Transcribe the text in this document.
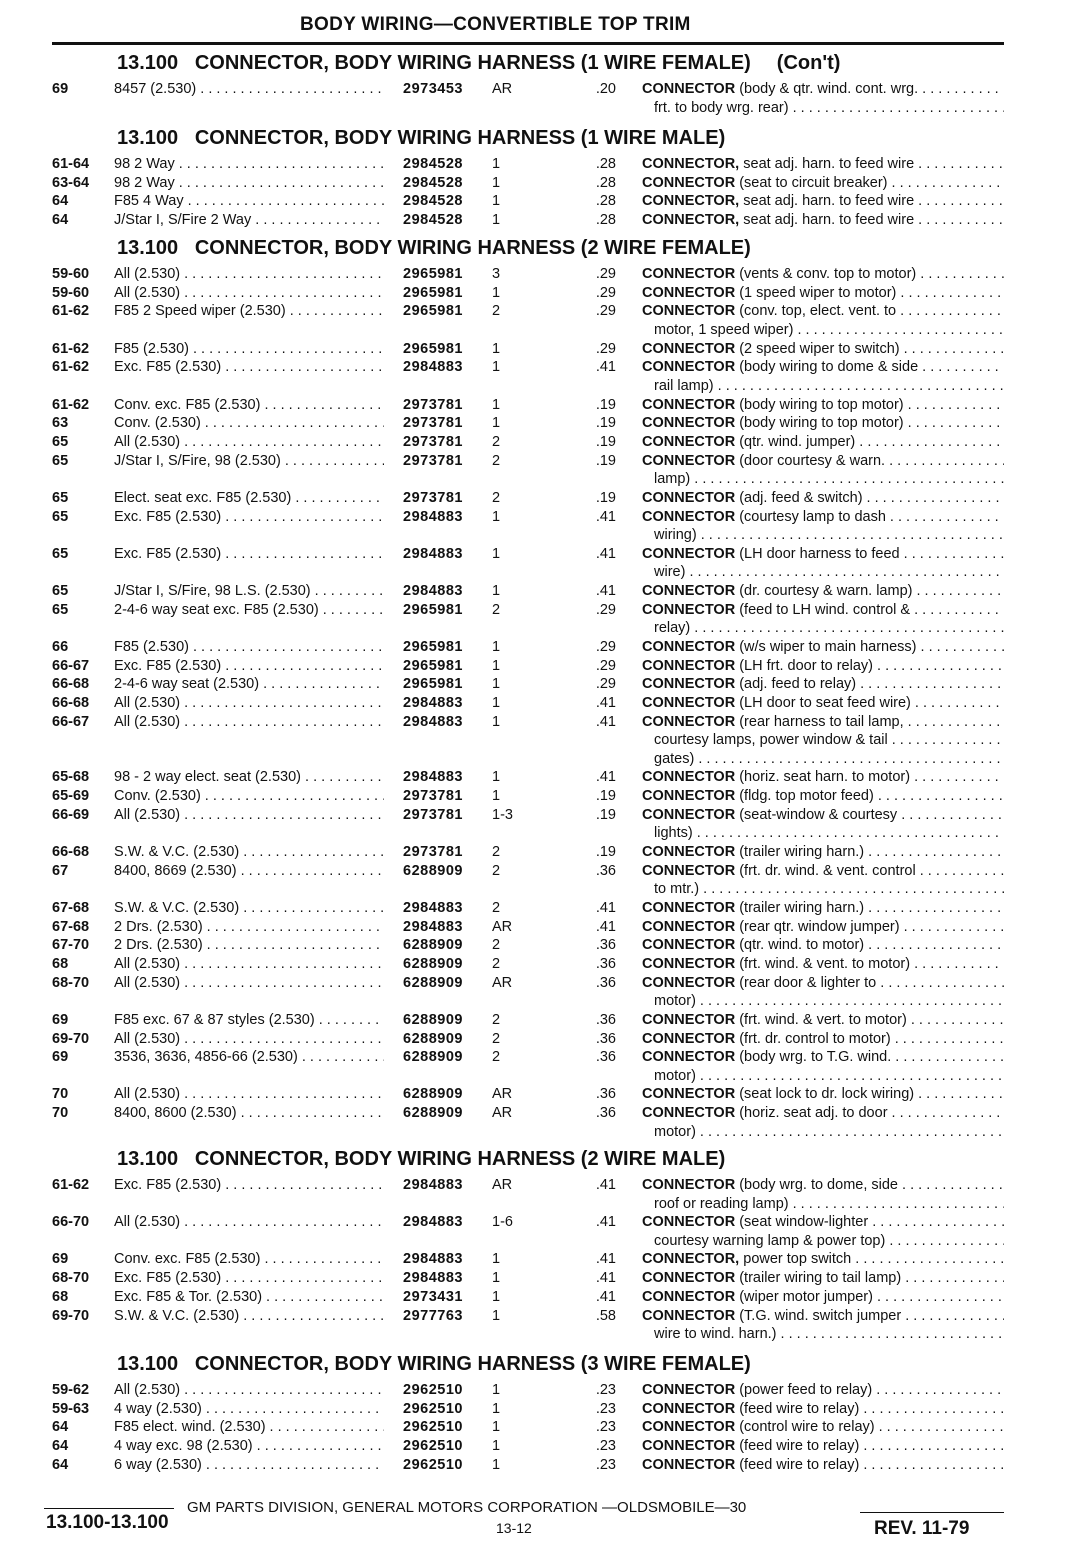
BODY WIRING—CONVERTIBLE TOP TRIM
13.100   CONNECTOR, BODY WIRING HARNESS (1 WIRE FEMALE) (Con't)
69	8457 (2.530) . . .	2973453 AR	.20 CONNECTOR (body & qtr. wind. cont. wrg. . . .
frt. to body wrg. rear) . . .
13.100   CONNECTOR, BODY WIRING HARNESS (1 WIRE MALE)
61-64 98 2 Way . . .	2984528 1	.28 CONNECTOR, seat adj. harn. to feed wire . . .
63-64 98 2 Way . . .	2984528 1	.28 CONNECTOR (seat to circuit breaker) . . .
64	F85 4 Way . . .	2984528 1	.28 CONNECTOR, seat adj. harn. to feed wire . . .
64	J/Star I, S/Fire 2 Way . . .	2984528 1	.28 CONNECTOR, seat adj. harn. to feed wire . . .
13.100   CONNECTOR, BODY WIRING HARNESS (2 WIRE FEMALE)
59-60 All (2.530) . . .	2965981 3	.29 CONNECTOR (vents & conv. top to motor) . . .
59-60 All (2.530) . . .	2965981 1	.29 CONNECTOR (1 speed wiper to motor) . . .
61-62 F85 2 Speed wiper (2.530) . . .	2965981 2	.29 CONNECTOR (conv. top, elect. vent. to . . .
motor, 1 speed wiper) . . .
61-62 F85 (2.530) . . .	2965981 1	.29 CONNECTOR (2 speed wiper to switch) . . .
61-62 Exc. F85 (2.530) . . .	2984883 1	.41 CONNECTOR (body wiring to dome & side . . .
rail lamp) . . .
61-62 Conv. exc. F85 (2.530) . . .	2973781 1	.19 CONNECTOR (body wiring to top motor) . . .
63	Conv. (2.530) . . .	2973781 1	.19 CONNECTOR (body wiring to top motor) . . .
65	All (2.530) . . .	2973781 2	.19 CONNECTOR (qtr. wind. jumper) . . .
65	J/Star I, S/Fire, 98 (2.530) . . .	2973781 2	.19 CONNECTOR (door courtesy & warn. . . .
lamp) . . .
65	Elect. seat exc. F85 (2.530) . . .	2973781 2	.19 CONNECTOR (adj. feed & switch) . . .
65	Exc. F85 (2.530) . . .	2984883 1	.41 CONNECTOR (courtesy lamp to dash . . .
wiring) . . .
65	Exc. F85 (2.530) . . .	2984883 1	.41 CONNECTOR (LH door harness to feed . . .
wire) . . .
65	J/Star I, S/Fire, 98 L.S. (2.530) . . .	2984883 1	.41 CONNECTOR (dr. courtesy & warn. lamp) . . .
65	2-4-6 way seat exc. F85 (2.530) . . .	2965981 2	.29 CONNECTOR (feed to LH wind. control & . . .
relay) . . .
66	F85 (2.530) . . .	2965981 1	.29 CONNECTOR (w/s wiper to main harness) . . .
66-67 Exc. F85 (2.530) . . .	2965981 1	.29 CONNECTOR (LH frt. door to relay) . . .
66-68 2-4-6 way seat (2.530) . . .	2965981 1	.29 CONNECTOR (adj. feed to relay) . . .
66-68 All (2.530) . . .	2984883 1	.41 CONNECTOR (LH door to seat feed wire) . . .
66-67 All (2.530) . . .	2984883 1	.41 CONNECTOR (rear harness to tail lamp, . . .
courtesy lamps, power window & tail . . .
gates) . . .
65-68 98 - 2 way elect. seat (2.530) . . .	2984883 1	.41 CONNECTOR (horiz. seat harn. to motor) . . .
65-69 Conv. (2.530) . . .	2973781 1	.19 CONNECTOR (fldg. top motor feed) . . .
66-69 All (2.530) . . .	2973781 1-3	.19 CONNECTOR (seat-window & courtesy . . .
lights) . . .
66-68 S.W. & V.C. (2.530) . . .	2973781 2	.19 CONNECTOR (trailer wiring harn.) . . .
67	8400, 8669 (2.530) . . .	6288909 2	.36 CONNECTOR (frt. dr. wind. & vent. control . . .
to mtr.) . . .
67-68 S.W. & V.C. (2.530) . . .	2984883 2	.41 CONNECTOR (trailer wiring harn.) . . .
67-68 2 Drs. (2.530) . . .	2984883 AR	.41 CONNECTOR (rear qtr. window jumper) . . .
67-70 2 Drs. (2.530) . . .	6288909 2	.36 CONNECTOR (qtr. wind. to motor) . . .
68	All (2.530) . . .	6288909 2	.36 CONNECTOR (frt. wind. & vent. to motor) . . .
68-70 All (2.530) . . .	6288909 AR	.36 CONNECTOR (rear door & lighter to . . .
motor) . . .
69	F85 exc. 67 & 87 styles (2.530) . . .	6288909 2	.36 CONNECTOR (frt. wind. & vert. to motor) . . .
69-70 All (2.530) . . .	6288909 2	.36 CONNECTOR (frt. dr. control to motor) . . .
69	3536, 3636, 4856-66 (2.530) . . .	6288909 2	.36 CONNECTOR (body wrg. to T.G. wind. . . .
motor) . . .
70	All (2.530) . . .	6288909 AR	.36 CONNECTOR (seat lock to dr. lock wiring) . . .
70	8400, 8600 (2.530) . . .	6288909 AR	.36 CONNECTOR (horiz. seat adj. to door . . .
motor) . . .
13.100   CONNECTOR, BODY WIRING HARNESS (2 WIRE MALE)
61-62 Exc. F85 (2.530) . . .	2984883 AR	.41 CONNECTOR (body wrg. to dome, side . . .
roof or reading lamp) . . .
66-70 All (2.530) . . .	2984883 1-6	.41 CONNECTOR (seat window-lighter . . .
courtesy warning lamp & power top) . . .
69	Conv. exc. F85 (2.530) . . .	2984883 1	.41 CONNECTOR, power top switch . . .
68-70 Exc. F85 (2.530) . . .	2984883 1	.41 CONNECTOR (trailer wiring to tail lamp) . . .
68	Exc. F85 & Tor. (2.530) . . .	2973431 1	.41 CONNECTOR (wiper motor jumper) . . .
69-70 S.W. & V.C. (2.530) . . .	2977763 1	.58 CONNECTOR (T.G. wind. switch jumper . . .
wire to wind. harn.) . . .
13.100   CONNECTOR, BODY WIRING HARNESS (3 WIRE FEMALE)
59-62 All (2.530) . . .	2962510 1	.23 CONNECTOR (power feed to relay) . . .
59-63 4 way (2.530) . . .	2962510 1	.23 CONNECTOR (feed wire to relay) . . .
64	F85 elect. wind. (2.530) . . .	2962510 1	.23 CONNECTOR (control wire to relay) . . .
64	4 way exc. 98 (2.530) . . .	2962510 1	.23 CONNECTOR (feed wire to relay) . . .
64	6 way (2.530) . . .	2962510 1	.23 CONNECTOR (feed wire to relay) . . .
GM PARTS DIVISION, GENERAL MOTORS CORPORATION —OLDSMOBILE—30
13.100-13.100	13-12	REV. 11-79
